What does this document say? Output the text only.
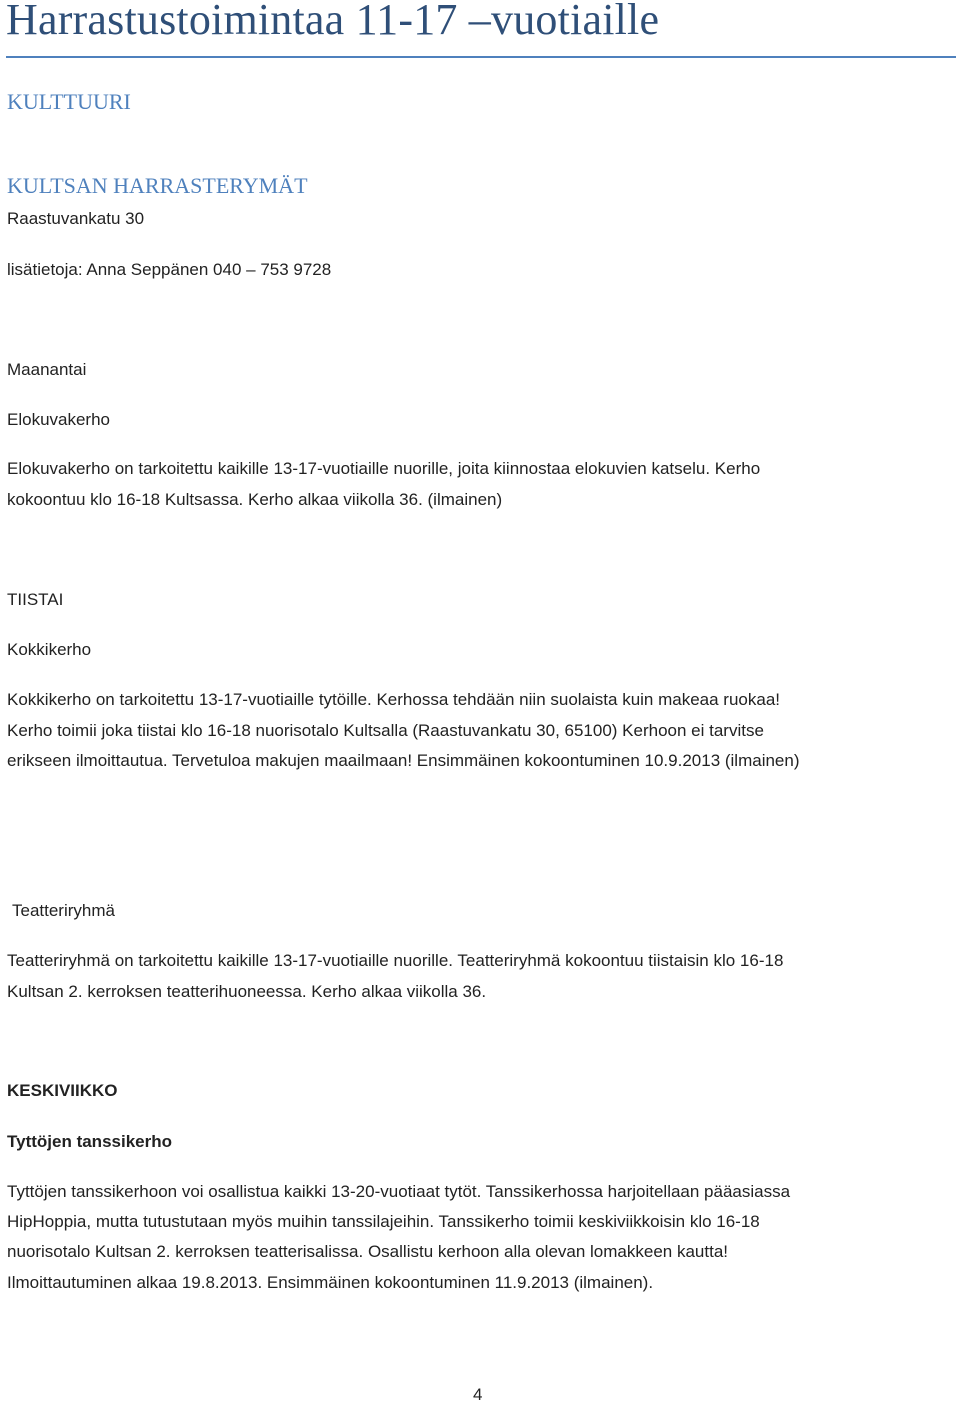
Harrastustoimintaa 11-17 –vuotiaille
KULTTUURI
KULTSAN HARRASTERYMÄT

Raastuvankatu 30

lisätietoja: Anna Seppänen 040 – 753 9728

Maanantai

Elokuvakerho

Elokuvakerho on tarkoitettu kaikille 13-17-vuotiaille nuorille, joita kiinnostaa elokuvien katselu. Kerho

kokoontuu klo 16-18 Kultsassa. Kerho alkaa viikolla 36. (ilmainen)

TIISTAI

Kokkikerho

Kokkikerho on tarkoitettu 13-17-vuotiaille tytöille. Kerhossa tehdään niin suolaista kuin makeaa ruokaa!

Kerho toimii joka tiistai klo 16-18 nuorisotalo Kultsalla (Raastuvankatu 30, 65100) Kerhoon ei tarvitse

erikseen ilmoittautua. Tervetuloa makujen maailmaan! Ensimmäinen kokoontuminen 10.9.2013 (ilmainen)

Teatteriryhmä

Teatteriryhmä on tarkoitettu kaikille 13-17-vuotiaille nuorille. Teatteriryhmä kokoontuu tiistaisin klo 16-18

Kultsan 2. kerroksen teatterihuoneessa. Kerho alkaa viikolla 36.

KESKIVIIKKO

Tyttöjen tanssikerho

Tyttöjen tanssikerhoon voi osallistua kaikki 13-20-vuotiaat tytöt. Tanssikerhossa harjoitellaan pääasiassa

HipHoppia, mutta tutustutaan myös muihin tanssilajeihin. Tanssikerho toimii keskiviikkoisin klo 16-18

nuorisotalo Kultsan 2. kerroksen teatterisalissa. Osallistu kerhoon alla olevan lomakkeen kautta!

Ilmoittautuminen alkaa 19.8.2013. Ensimmäinen kokoontuminen 11.9.2013 (ilmainen).

4
